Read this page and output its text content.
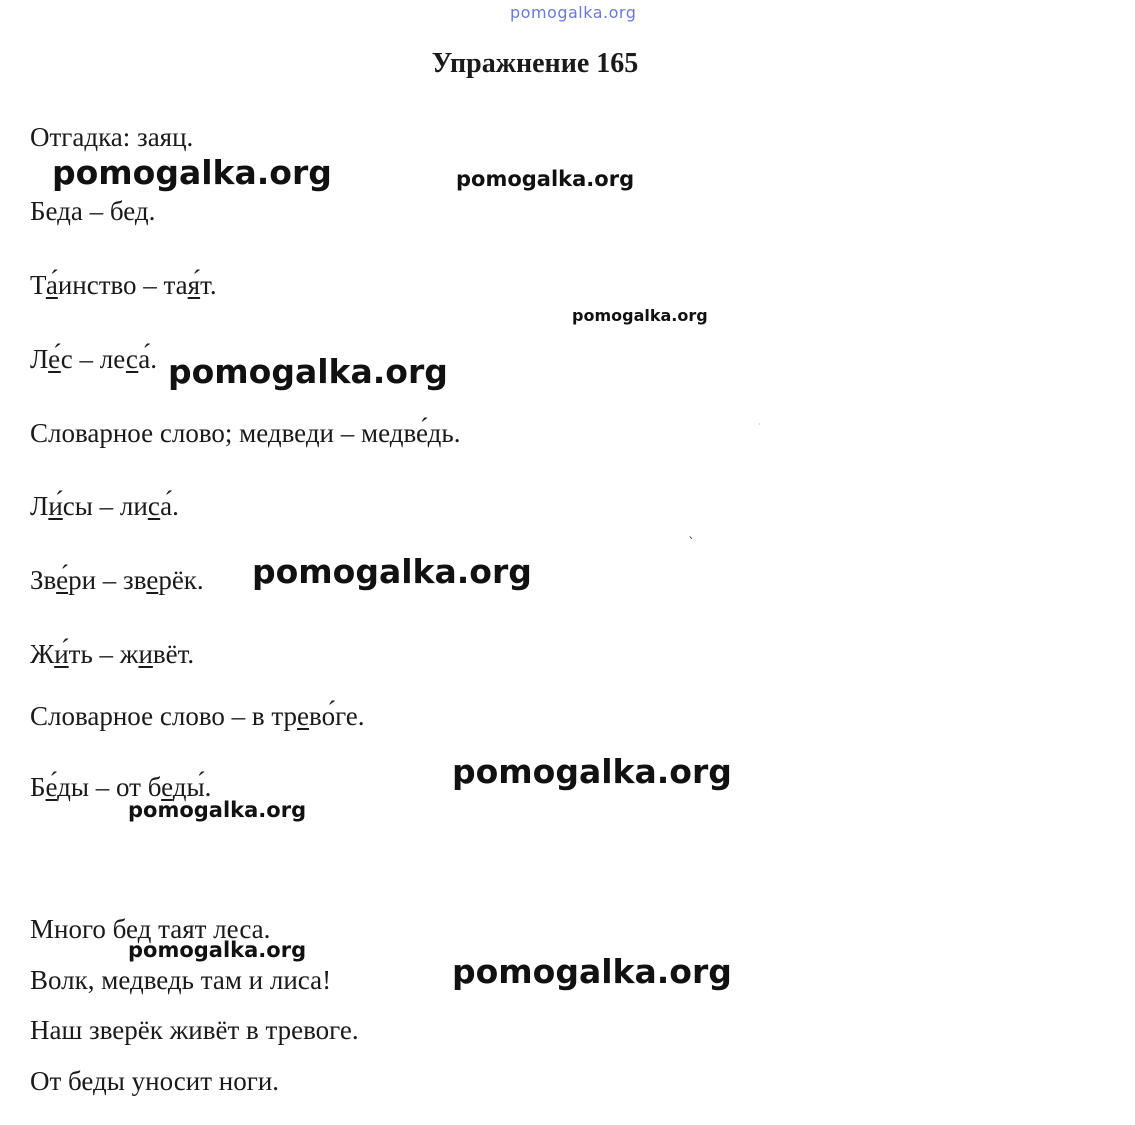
pomogalka.org
Упражнение 165
Отгадка: заяц.
Беда – бед.
Та́инство – тая́т.
Ле́с – леса́.
Словарное слово; медведи – медве́дь.
Ли́сы – лиса́.
Зве́ри – зверёк.
Жи́ть – живёт.
Словарное слово – в трево́ге.
Бе́ды – от беды́.
Много бед таят леса.
Волк, медведь там и лиса!
Наш зверёк живёт в тревоге.
От беды уносит ноги.
pomogalka.org	pomogalka.org
pomogalka.org
pomogalka.org
pomogalka.org
pomogalka.org
pomogalka.org
pomogalka.org
pomogalka.org
`
·
